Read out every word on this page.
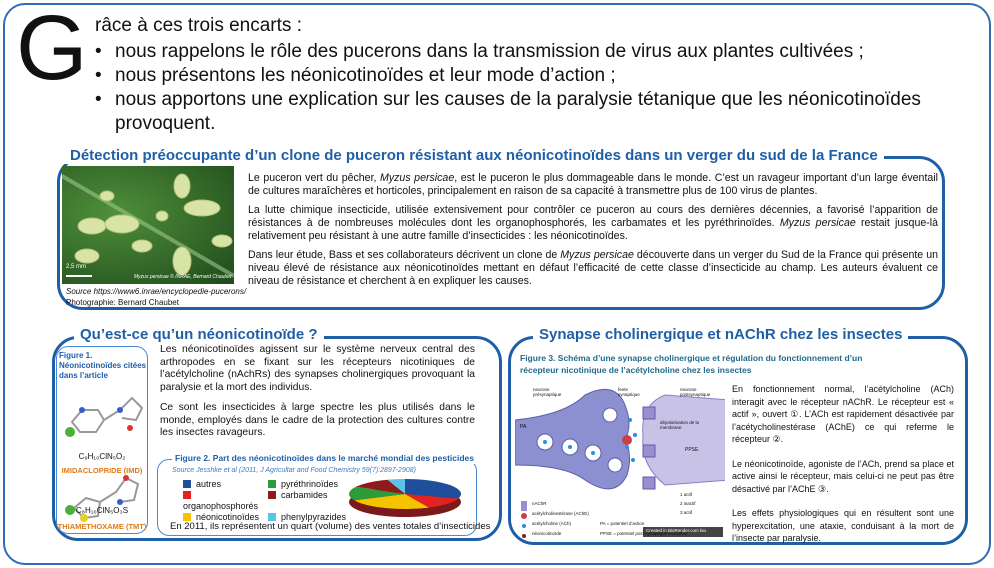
G râce à ces trois encarts :
• nous rappelons le rôle des pucerons dans la transmission de virus aux plantes cultivées ;
• nous présentons les néonicotinoïdes et leur mode d’action ;
• nous apportons une explication sur les causes de la paralysie tétanique que les néonicotinoïdes provoquent.
Détection préoccupante d’un clone de puceron résistant aux néonicotinoïdes dans un verger du sud de la France
2,5 mm
Myzus persicae © INRAE, Bernard Chaubet
Source https://www6.inrae/encyclopedie-pucerons/
Photographie: Bernard Chaubet

Le puceron vert du pêcher, Myzus persicae, est le puceron le plus dommageable dans le monde. C’est un ravageur important d’un large éventail de cultures maraîchères et horticoles, principalement en raison de sa capacité à transmettre plus de 100 virus de plantes.

La lutte chimique insecticide, utilisée extensivement pour contrôler ce puceron au cours des dernières décennies, a favorisé l’apparition de résistances à de nombreuses molécules dont les organophosphorés, les carbamates et les pyréthrinoïdes. Myzus persicae restait jusque-là relativement peu résistant à une autre famille d’insecticides : les néonicotinoïdes.

Dans leur étude, Bass et ses collaborateurs décrivent un clone de Myzus persicae découverte dans un verger du Sud de la France qui présente un niveau élevé de résistance aux néonicotinoïdes mettant en défaut l’efficacité de cette classe d’insecticide au champ. Les auteurs évaluent ce niveau de résistance et cherchent à en expliquer les causes.

Qu’est-ce qu’un néonicotinoïde ?
Figure 1. Néonicotinoïdes citées dans l’article
C₉H₁₀ClN₅O₂
IMIDACLOPRIDE (IMD)
C₈H₁₀ClN₅O₃S
THIAMETHOXAME (TMT)

Les néonicotinoïdes agissent sur le système nerveux central des arthropodes en se fixant sur les récepteurs nicotiniques de l’acétylcholine (nAchRs) des synapses cholinergiques provoquant la paralysie et la mort des individus.

Ce sont les insecticides à large spectre les plus utilisés dans le monde, employés dans le cadre de la protection des cultures contre les insectes ravageurs.

Figure 2. Part des néonicotinoïdes dans le marché mondial des pesticides
Source Jesshke et al (2011, J Agricultar and Food Chemistry 59(7):2897-2908)
autres	pyréthrinoïdes
organophosphorés
carbamides
néonicotinoïdes	phenylpyrazides
En 2011, ils représentent un quart (volume) des ventes totales d’insecticides
Synapse cholinergique et nAChR chez les insectes
Figure 3. Schéma d’une synapse cholinergique et régulation du fonctionnement d’un récepteur nicotinique de l’acétylcholine chez les insectes
neurone présynaptique
fente synaptique
neurone postsynaptique
PA
dépolarisation de la membrane
PPSE
nAChR
acétylcholinestérase (AChE)
acétylcholine (ACh)
néonicotinoïde
PA = potentiel d’action
PPSE = potentiel post-synaptique excitateur
1 actif
2 inactif
3 actif
Created in BioRender.com bio

En fonctionnement normal, l’acétylcholine (ACh) interagit avec le récepteur nAChR. Le récepteur est « actif », ouvert ①. L’ACh est rapidement désactivée par l’acétycholinestérase (AChE) ce qui referme le récepteur ②.

Le néonicotinoïde, agoniste de l’ACh, prend sa place et active ainsi le récepteur, mais celui-ci ne peut pas être désactivé par l’AChE ③.

Les effets physiologiques qui en résultent sont une hyperexcitation, une ataxie, conduisant à la mort de l’insecte par paralysie.
